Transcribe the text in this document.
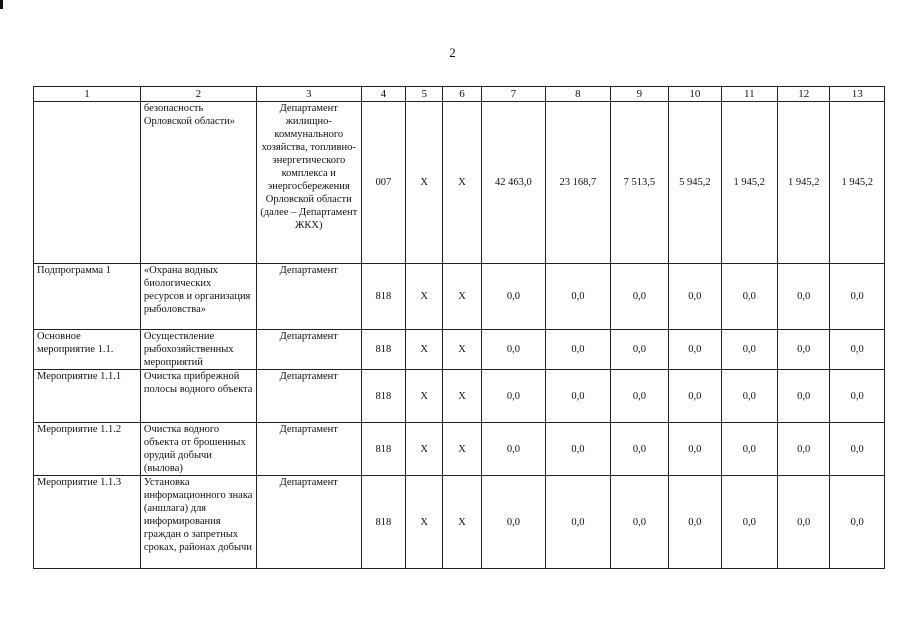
2
1	2	3	4	5	6	7	8	9	10	11	12	13
	безопасность Орловской области»	Департамент жилищно-коммунального хозяйства, топливно-энергетического комплекса и энергосбережения Орловской области (далее – Департамент ЖКХ)	007	X	X	42 463,0	23 168,7	7 513,5	5 945,2	1 945,2	1 945,2	1 945,2
Подпрограмма 1	«Охрана водных биологических ресурсов и организация рыболовства»	Департамент	818	X	X	0,0	0,0	0,0	0,0	0,0	0,0	0,0
Основное мероприятие 1.1.	Осуществление рыбохозяйственных мероприятий	Департамент	818	X	X	0,0	0,0	0,0	0,0	0,0	0,0	0,0
Мероприятие 1.1.1	Очистка прибрежной полосы водного объекта	Департамент	818	X	X	0,0	0,0	0,0	0,0	0,0	0,0	0,0
Мероприятие 1.1.2	Очистка водного объекта от брошенных орудий добычи (вылова)	Департамент	818	X	X	0,0	0,0	0,0	0,0	0,0	0,0	0,0
Мероприятие 1.1.3	Установка информационного знака (аншлага) для информирования граждан о запретных сроках, районах добычи	Департамент	818	X	X	0,0	0,0	0,0	0,0	0,0	0,0	0,0
